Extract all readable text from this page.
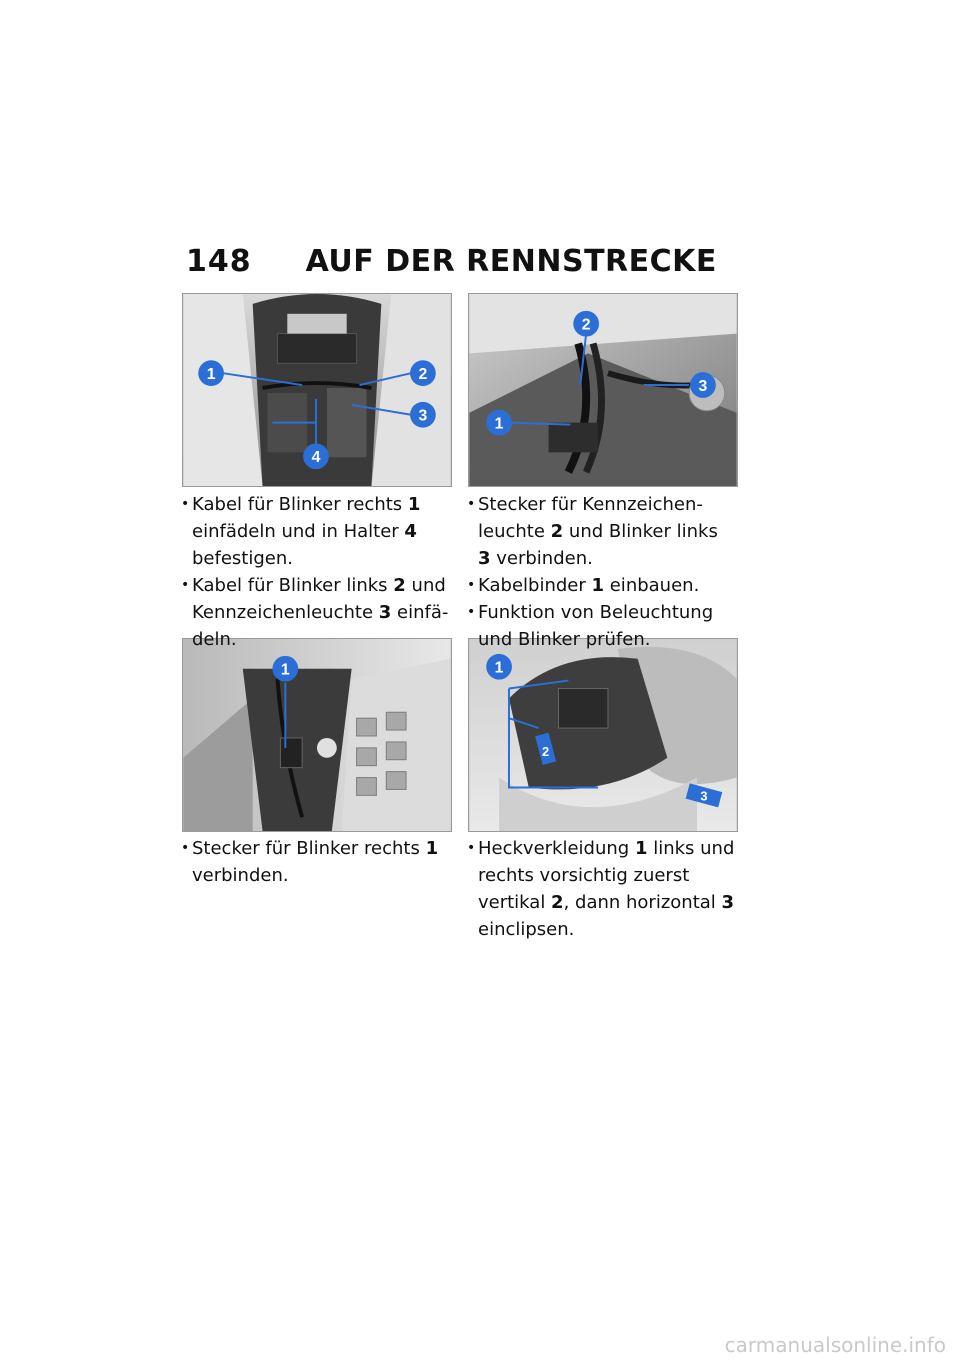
148 AUF DER RENNSTRECKE
1	2
3
4
2
3
1
1
2
3
1
• Kabel für Blinker rechts 1 einfädeln und in Halter 4 befestigen.
• Kabel für Blinker links 2 und Kennzeichenleuchte 3 einfädeln.
• Stecker für Kennzeichenleuchte 2 und Blinker links 3 verbinden.
• Kabelbinder 1 einbauen.
• Funktion von Beleuchtung und Blinker prüfen.
• Stecker für Blinker rechts 1 verbinden.
• Heckverkleidung 1 links und rechts vorsichtig zuerst vertikal 2, dann horizontal 3 einclipsen.
carmanualsonline.info
